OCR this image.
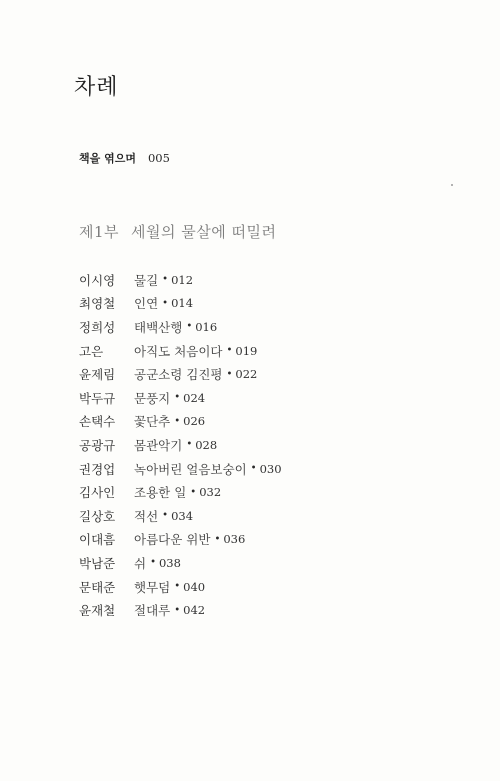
차례
책을 엮으며 005
제1부 세월의 물살에 떠밀려
이시영	물길 • 012
최영철	인연 • 014
정희성	태백산행 • 016
고은	아직도 처음이다 • 019
윤제림	공군소령 김진평 • 022
박두규	문풍지 • 024
손택수	꽃단추 • 026
공광규	몸관악기 • 028
권경업	녹아버린 얼음보숭이 • 030
김사인	조용한 일 • 032
길상호	적선 • 034
이대흠	아름다운 위반 • 036
박남준	쉬 • 038
문태준	햇무덤 • 040
윤재철	절대루 • 042
